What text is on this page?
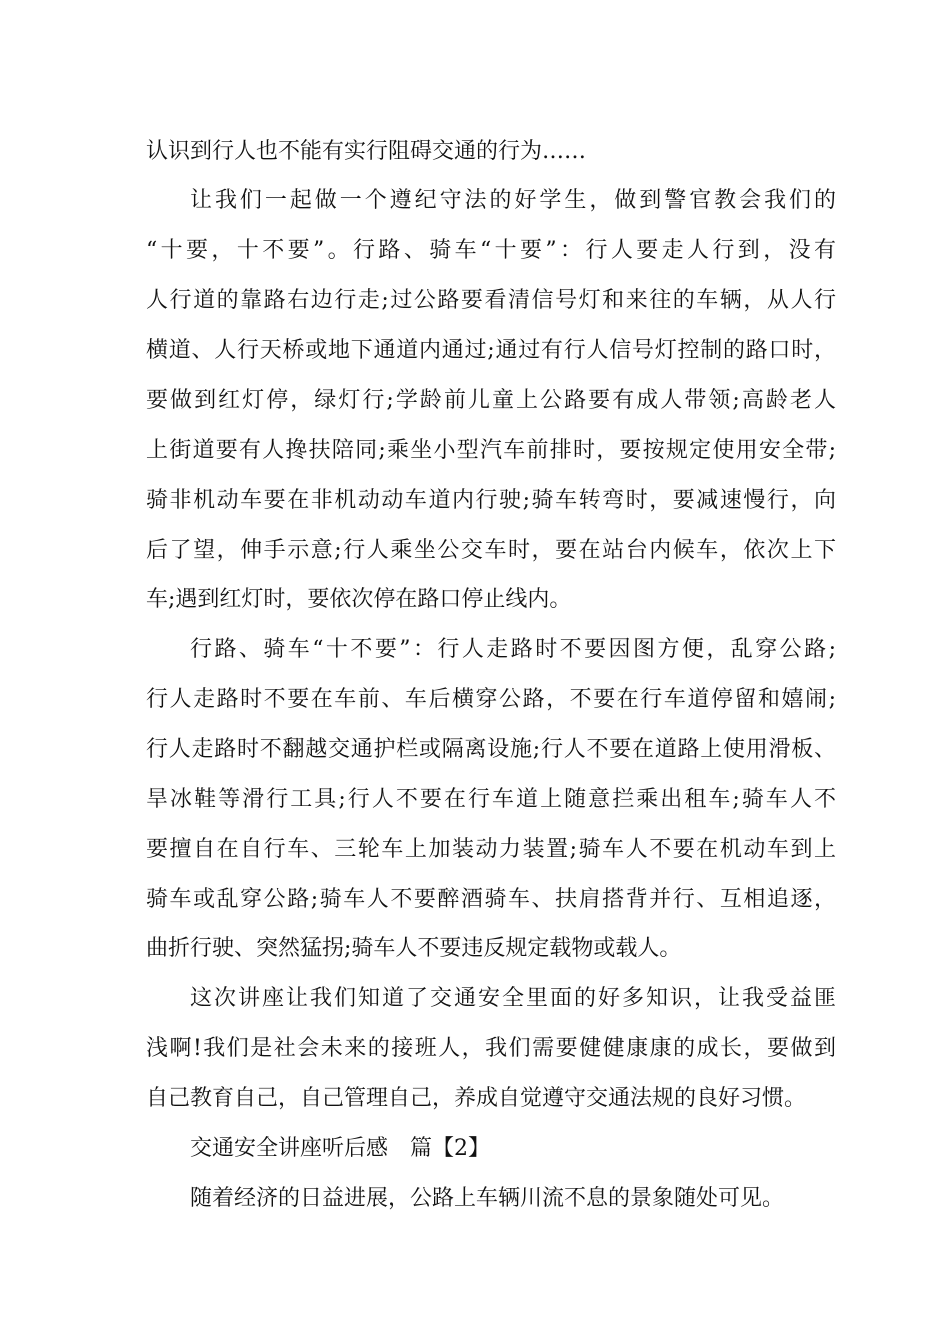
认识到行人也不能有实行阻碍交通的行为……
让我们一起做一个遵纪守法的好学生，做到警官教会我们的
“十要，十不要”。行路、骑车“十要”：行人要走人行到，没有
人行道的靠路右边行走;过公路要看清信号灯和来往的车辆，从人行
横道、人行天桥或地下通道内通过;通过有行人信号灯控制的路口时，
要做到红灯停，绿灯行;学龄前儿童上公路要有成人带领;高龄老人
上街道要有人搀扶陪同;乘坐小型汽车前排时，要按规定使用安全带;
骑非机动车要在非机动动车道内行驶;骑车转弯时，要减速慢行，向
后了望，伸手示意;行人乘坐公交车时，要在站台内候车，依次上下
车;遇到红灯时，要依次停在路口停止线内。
行路、骑车“十不要”：行人走路时不要因图方便，乱穿公路;
行人走路时不要在车前、车后横穿公路，不要在行车道停留和嬉闹;
行人走路时不翻越交通护栏或隔离设施;行人不要在道路上使用滑板、
旱冰鞋等滑行工具;行人不要在行车道上随意拦乘出租车;骑车人不
要擅自在自行车、三轮车上加装动力装置;骑车人不要在机动车到上
骑车或乱穿公路;骑车人不要醉酒骑车、扶肩搭背并行、互相追逐，
曲折行驶、突然猛拐;骑车人不要违反规定载物或载人。
这次讲座让我们知道了交通安全里面的好多知识，让我受益匪
浅啊!我们是社会未来的接班人，我们需要健健康康的成长，要做到
自己教育自己，自己管理自己，养成自觉遵守交通法规的良好习惯。
交通安全讲座听后感　篇【2】
随着经济的日益进展，公路上车辆川流不息的景象随处可见。
